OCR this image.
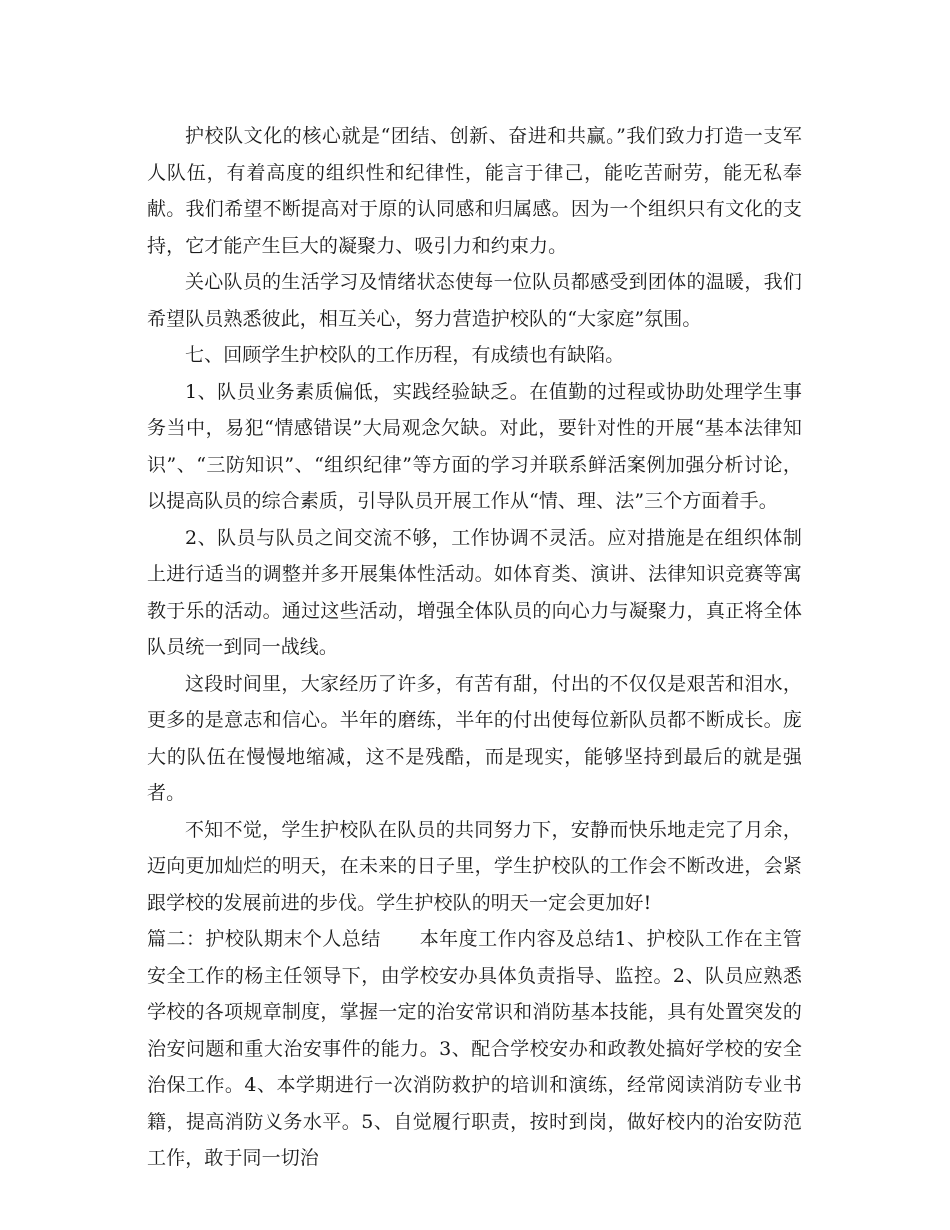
护校队文化的核心就是“团结、创新、奋进和共赢。”我们致力打造一支军人队伍，有着高度的组织性和纪律性，能言于律己，能吃苦耐劳，能无私奉献。我们希望不断提高对于原的认同感和归属感。因为一个组织只有文化的支持，它才能产生巨大的凝聚力、吸引力和约束力。

关心队员的生活学习及情绪状态使每一位队员都感受到团体的温暖，我们希望队员熟悉彼此，相互关心，努力营造护校队的“大家庭”氛围。

七、回顾学生护校队的工作历程，有成绩也有缺陷。

1、队员业务素质偏低，实践经验缺乏。在值勤的过程或协助处理学生事务当中，易犯“情感错误”大局观念欠缺。对此，要针对性的开展“基本法律知识”、“三防知识”、“组织纪律”等方面的学习并联系鲜活案例加强分析讨论，以提高队员的综合素质，引导队员开展工作从“情、理、法”三个方面着手。

2、队员与队员之间交流不够，工作协调不灵活。应对措施是在组织体制上进行适当的调整并多开展集体性活动。如体育类、演讲、法律知识竞赛等寓教于乐的活动。通过这些活动，增强全体队员的向心力与凝聚力，真正将全体队员统一到同一战线。

这段时间里，大家经历了许多，有苦有甜，付出的不仅仅是艰苦和泪水，更多的是意志和信心。半年的磨练，半年的付出使每位新队员都不断成长。庞大的队伍在慢慢地缩减，这不是残酷，而是现实，能够坚持到最后的就是强者。

不知不觉，学生护校队在队员的共同努力下，安静而快乐地走完了月余，迈向更加灿烂的明天，在未来的日子里，学生护校队的工作会不断改进，会紧跟学校的发展前进的步伐。学生护校队的明天一定会更加好!

篇二：护校队期末个人总结　　本年度工作内容及总结1、护校队工作在主管安全工作的杨主任领导下，由学校安办具体负责指导、监控。2、队员应熟悉学校的各项规章制度，掌握一定的治安常识和消防基本技能，具有处置突发的治安问题和重大治安事件的能力。3、配合学校安办和政教处搞好学校的安全治保工作。4、本学期进行一次消防救护的培训和演练，经常阅读消防专业书籍，提高消防义务水平。5、自觉履行职责，按时到岗，做好校内的治安防范工作，敢于同一切治
